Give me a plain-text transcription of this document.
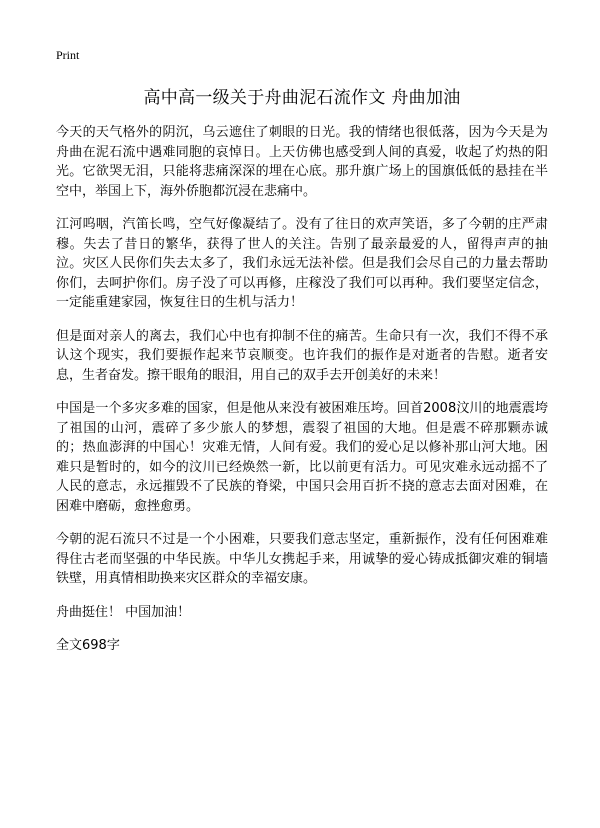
Print
高中高一级关于舟曲泥石流作文 舟曲加油

今天的天气格外的阴沉，乌云遮住了刺眼的日光。我的情绪也很低落，因为今天是为舟曲在泥石流中遇难同胞的哀悼日。上天仿佛也感受到人间的真爱，收起了灼热的阳光。它欲哭无泪，只能将悲痛深深的埋在心底。那升旗广场上的国旗低低的悬挂在半空中，举国上下，海外侨胞都沉浸在悲痛中。

江河呜咽，汽笛长鸣，空气好像凝结了。没有了往日的欢声笑语，多了今朝的庄严肃穆。失去了昔日的繁华，获得了世人的关注。告别了最亲最爱的人，留得声声的抽泣。灾区人民你们失去太多了，我们永远无法补偿。但是我们会尽自己的力量去帮助你们，去呵护你们。房子没了可以再修，庄稼没了我们可以再种。我们要坚定信念，一定能重建家园，恢复往日的生机与活力！

但是面对亲人的离去，我们心中也有抑制不住的痛苦。生命只有一次，我们不得不承认这个现实，我们要振作起来节哀顺变。也许我们的振作是对逝者的告慰。逝者安息，生者奋发。擦干眼角的眼泪，用自己的双手去开创美好的未来！

中国是一个多灾多难的国家，但是他从来没有被困难压垮。回首2008汶川的地震震垮了祖国的山河，震碎了多少旅人的梦想，震裂了祖国的大地。但是震不碎那颗赤诚的；热血澎湃的中国心！灾难无情，人间有爱。我们的爱心足以修补那山河大地。困难只是暂时的，如今的汶川已经焕然一新，比以前更有活力。可见灾难永远动摇不了人民的意志，永远摧毁不了民族的脊梁，中国只会用百折不挠的意志去面对困难，在困难中磨砺，愈挫愈勇。

今朝的泥石流只不过是一个小困难，只要我们意志坚定，重新振作，没有任何困难难得住古老而坚强的中华民族。中华儿女携起手来，用诚挚的爱心铸成抵御灾难的铜墙铁壁，用真情相助换来灾区群众的幸福安康。

舟曲挺住！ 中国加油！

全文698字
